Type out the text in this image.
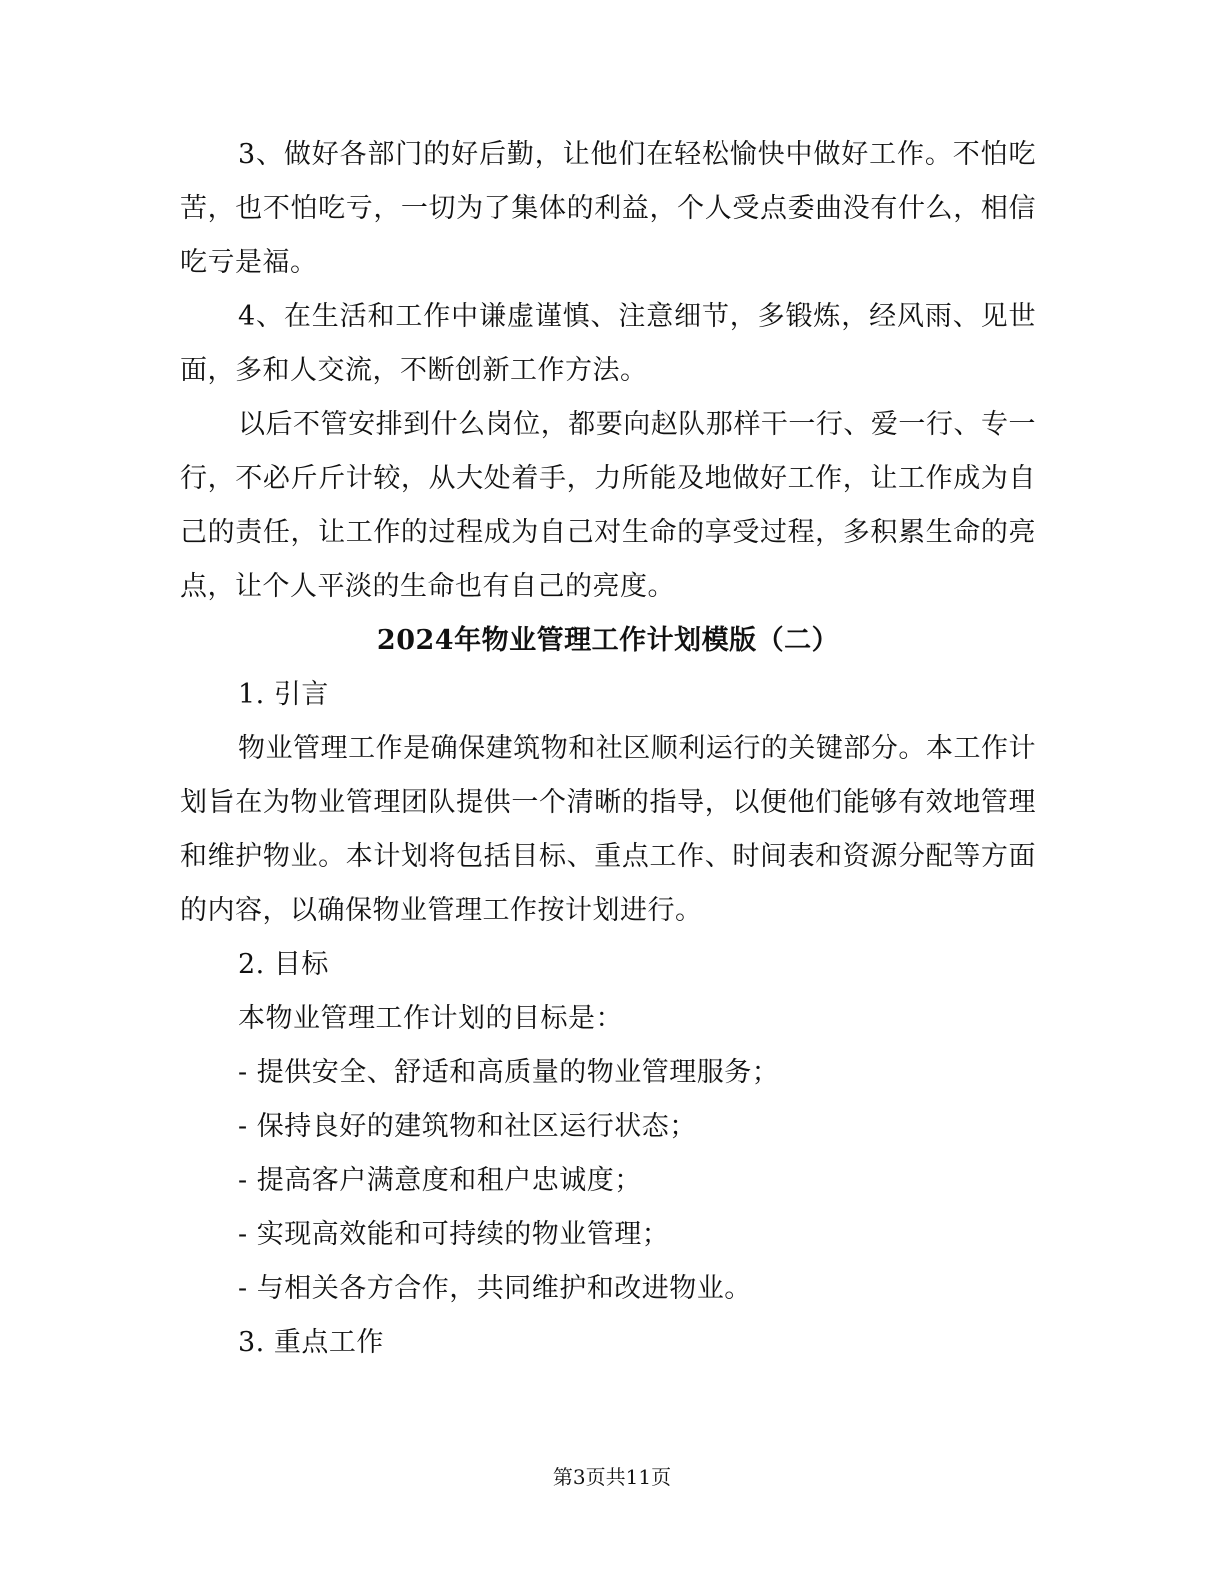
3、做好各部门的好后勤，让他们在轻松愉快中做好工作。不怕吃苦，也不怕吃亏，一切为了集体的利益，个人受点委曲没有什么，相信吃亏是福。

4、在生活和工作中谦虚谨慎、注意细节，多锻炼，经风雨、见世面，多和人交流，不断创新工作方法。

以后不管安排到什么岗位，都要向赵队那样干一行、爱一行、专一行，不必斤斤计较，从大处着手，力所能及地做好工作，让工作成为自己的责任，让工作的过程成为自己对生命的享受过程，多积累生命的亮点，让个人平淡的生命也有自己的亮度。

2024年物业管理工作计划模版（二）

1. 引言

物业管理工作是确保建筑物和社区顺利运行的关键部分。本工作计划旨在为物业管理团队提供一个清晰的指导，以便他们能够有效地管理和维护物业。本计划将包括目标、重点工作、时间表和资源分配等方面的内容，以确保物业管理工作按计划进行。

2. 目标

本物业管理工作计划的目标是：

- 提供安全、舒适和高质量的物业管理服务；

- 保持良好的建筑物和社区运行状态；

- 提高客户满意度和租户忠诚度；

- 实现高效能和可持续的物业管理；

- 与相关各方合作，共同维护和改进物业。

3. 重点工作

第3页共11页
